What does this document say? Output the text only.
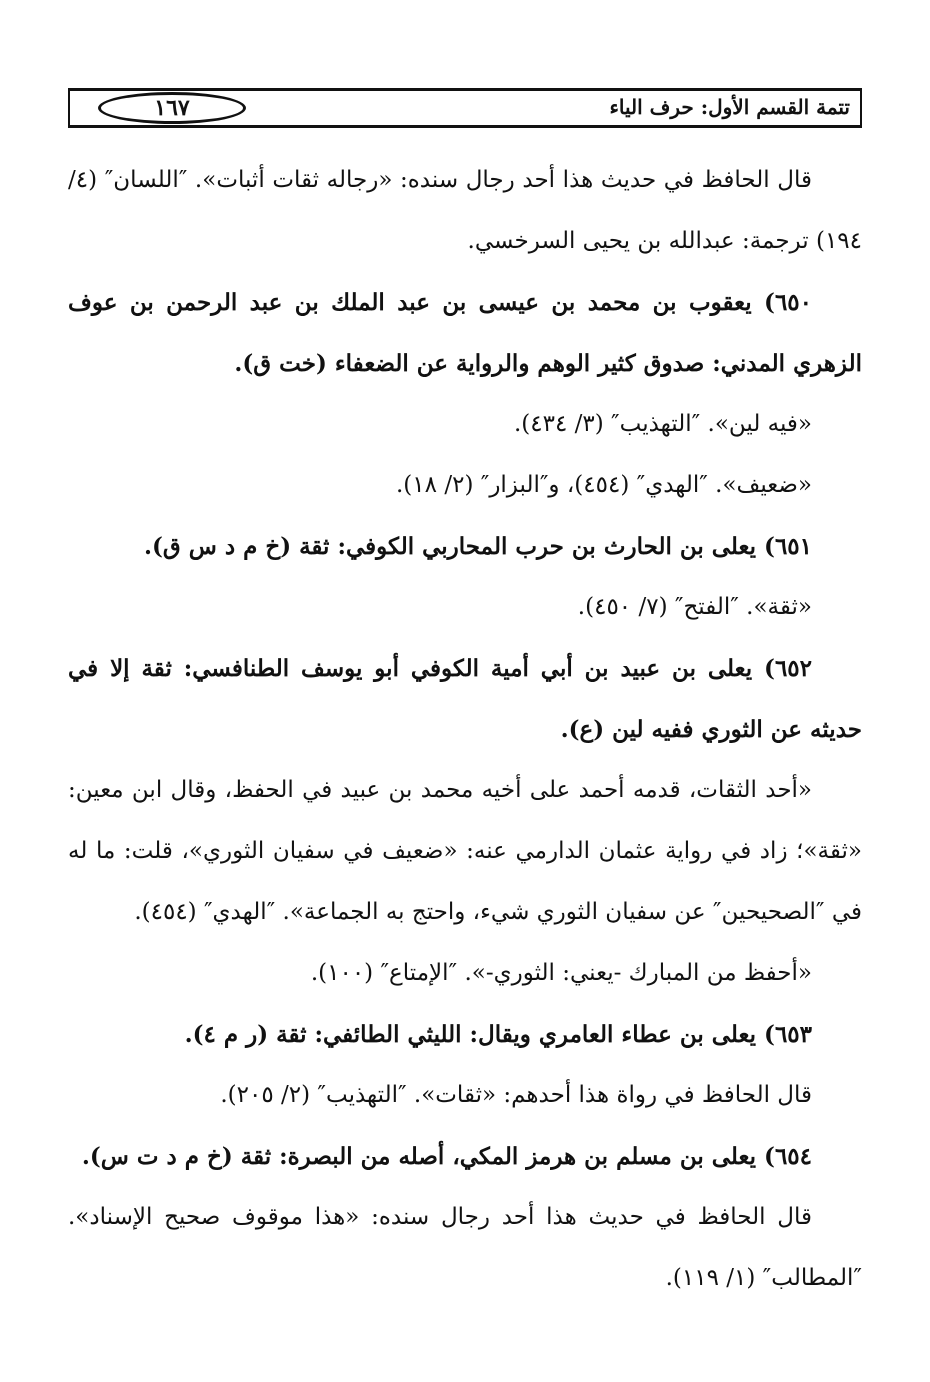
تتمة القسم الأول: حرف الياء
١٦٧

قال الحافظ في حديث هذا أحد رجال سنده: «رجاله ثقات أثبات». ″اللسان″ (٤/ ١٩٤) ترجمة: عبدالله بن يحيى السرخسي.

٦٥٠) يعقوب بن محمد بن عيسى بن عبد الملك بن عبد الرحمن بن عوف الزهري المدني: صدوق كثير الوهم والرواية عن الضعفاء (خت ق).

«فيه لين». ″التهذيب″ (٣/ ٤٣٤).

«ضعيف». ″الهدي″ (٤٥٤)، و″البزار″ (٢/ ١٨).

٦٥١) يعلى بن الحارث بن حرب المحاربي الكوفي: ثقة (خ م د س ق).

«ثقة». ″الفتح″ (٧/ ٤٥٠).

٦٥٢) يعلى بن عبيد بن أبي أمية الكوفي أبو يوسف الطنافسي: ثقة إلا في حديثه عن الثوري ففيه لين (ع).

«أحد الثقات، قدمه أحمد على أخيه محمد بن عبيد في الحفظ، وقال ابن معين: «ثقة»؛ زاد في رواية عثمان الدارمي عنه: «ضعيف في سفيان الثوري»، قلت: ما له في ″الصحيحين″ عن سفيان الثوري شيء، واحتج به الجماعة». ″الهدي″ (٤٥٤).

«أحفظ من المبارك -يعني: الثوري-». ″الإمتاع″ (١٠٠).

٦٥٣) يعلى بن عطاء العامري ويقال: الليثي الطائفي: ثقة (ر م ٤).

قال الحافظ في رواة هذا أحدهم: «ثقات». ″التهذيب″ (٢/ ٢٠٥).

٦٥٤) يعلى بن مسلم بن هرمز المكي، أصله من البصرة: ثقة (خ م د ت س).

قال الحافظ في حديث هذا أحد رجال سنده: «هذا موقوف صحيح الإسناد». ″المطالب″ (١/ ١١٩).
